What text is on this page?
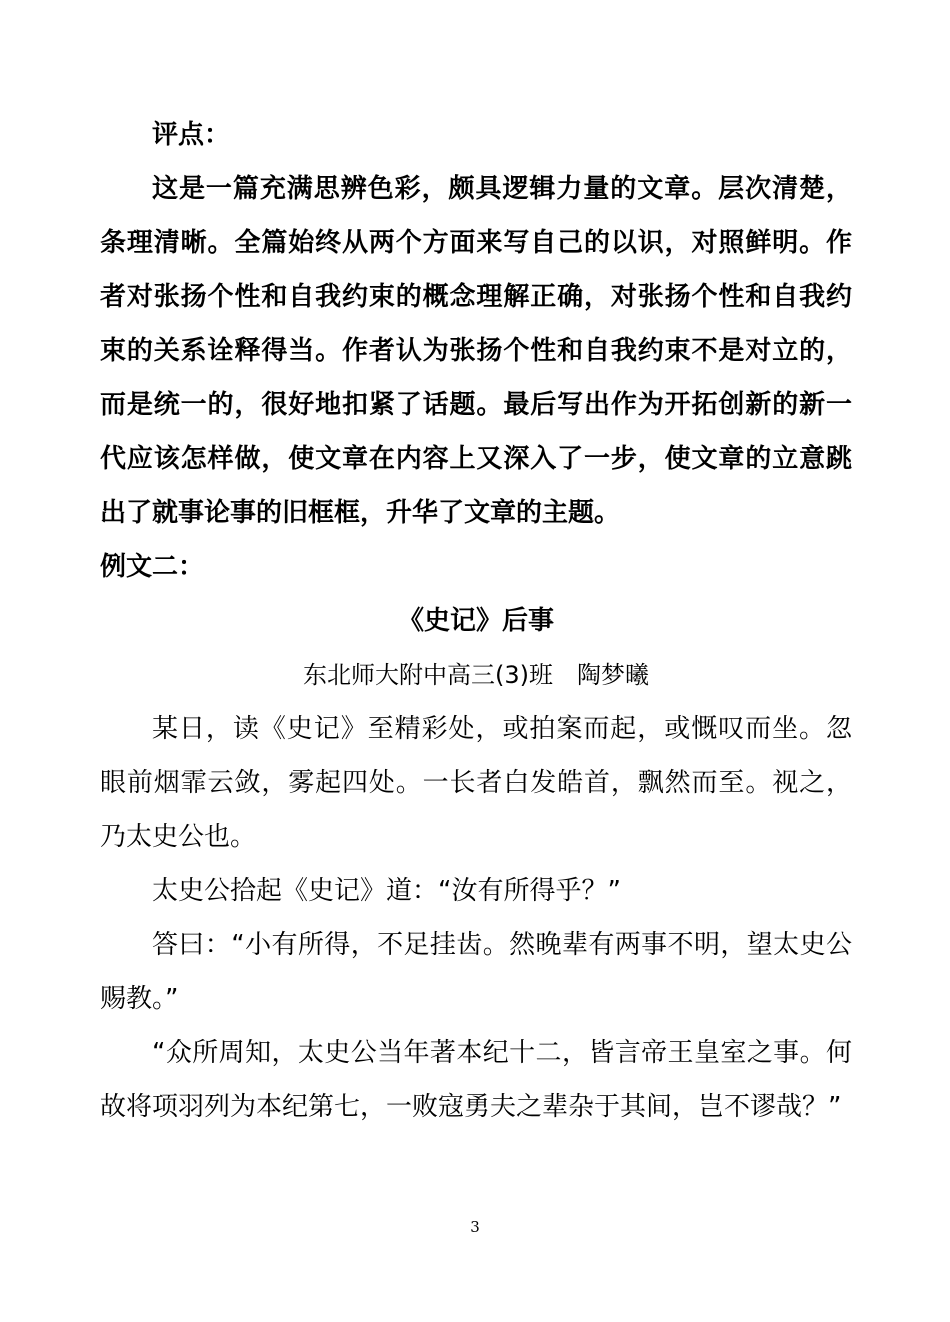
评点：

这是一篇充满思辨色彩，颇具逻辑力量的文章。层次清楚，条理清晰。全篇始终从两个方面来写自己的以识，对照鲜明。作者对张扬个性和自我约束的概念理解正确，对张扬个性和自我约束的关系诠释得当。作者认为张扬个性和自我约束不是对立的，而是统一的，很好地扣紧了话题。最后写出作为开拓创新的新一代应该怎样做，使文章在内容上又深入了一步，使文章的立意跳出了就事论事的旧框框，升华了文章的主题。

例文二：

《史记》后事

东北师大附中高三(3)班　陶梦曦

某日，读《史记》至精彩处，或拍案而起，或慨叹而坐。忽眼前烟霏云敛，雾起四处。一长者白发皓首，飘然而至。视之，乃太史公也。

太史公拾起《史记》道：“汝有所得乎？”

答曰：“小有所得，不足挂齿。然晚辈有两事不明，望太史公赐教。”

“众所周知，太史公当年著本纪十二，皆言帝王皇室之事。何故将项羽列为本纪第七，一败寇勇夫之辈杂于其间，岂不谬哉？”

3
